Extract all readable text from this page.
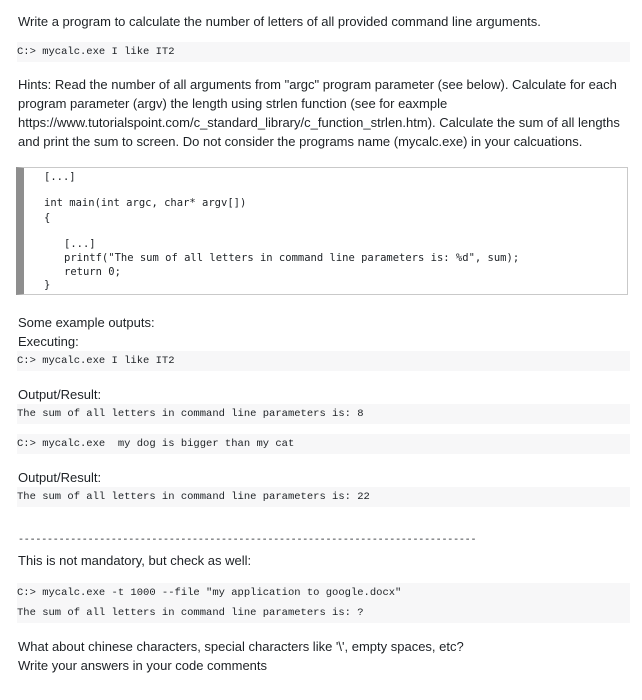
Write a program to calculate the number of letters of all provided command line arguments.

C:> mycalc.exe I like IT2

Hints: Read the number of all arguments from "argc" program parameter (see below). Calculate for each program parameter (argv) the length using strlen function (see for eaxmple https://www.tutorialspoint.com/c_standard_library/c_function_strlen.htm). Calculate the sum of all lengths and print the sum to screen. Do not consider the programs name (mycalc.exe) in your calcuations.

[...]
int main(int argc, char* argv[])
{
[...]
printf("The sum of all letters in command line parameters is: %d", sum);
return 0;
}

Some example outputs:

Executing:

C:> mycalc.exe I like IT2

Output/Result:

The sum of all letters in command line parameters is: 8
C:> mycalc.exe  my dog is bigger than my cat

Output/Result:

The sum of all letters in command line parameters is: 22
-------------------------------------------------------------------------------

This is not mandatory, but check as well:

C:> mycalc.exe -t 1000 --file "my application to google.docx"
The sum of all letters in command line parameters is: ?

What about chinese characters, special characters like '\', empty spaces, etc?

Write your answers in your code comments
